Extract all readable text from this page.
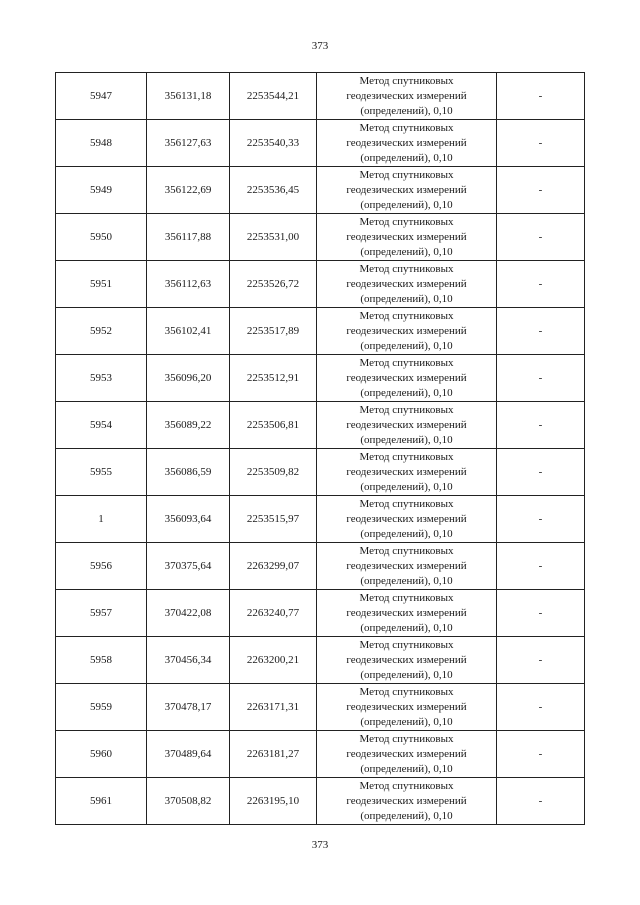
373
5947	356131,18	2253544,21	Метод спутниковых
геодезических измерений
(определений), 0,10	-
5948	356127,63	2253540,33	Метод спутниковых
геодезических измерений
(определений), 0,10	-
5949	356122,69	2253536,45	Метод спутниковых
геодезических измерений
(определений), 0,10	-
5950	356117,88	2253531,00	Метод спутниковых
геодезических измерений
(определений), 0,10	-
5951	356112,63	2253526,72	Метод спутниковых
геодезических измерений
(определений), 0,10	-
5952	356102,41	2253517,89	Метод спутниковых
геодезических измерений
(определений), 0,10	-
5953	356096,20	2253512,91	Метод спутниковых
геодезических измерений
(определений), 0,10	-
5954	356089,22	2253506,81	Метод спутниковых
геодезических измерений
(определений), 0,10	-
5955	356086,59	2253509,82	Метод спутниковых
геодезических измерений
(определений), 0,10	-
1	356093,64	2253515,97	Метод спутниковых
геодезических измерений
(определений), 0,10	-
5956	370375,64	2263299,07	Метод спутниковых
геодезических измерений
(определений), 0,10	-
5957	370422,08	2263240,77	Метод спутниковых
геодезических измерений
(определений), 0,10	-
5958	370456,34	2263200,21	Метод спутниковых
геодезических измерений
(определений), 0,10	-
5959	370478,17	2263171,31	Метод спутниковых
геодезических измерений
(определений), 0,10	-
5960	370489,64	2263181,27	Метод спутниковых
геодезических измерений
(определений), 0,10	-
5961	370508,82	2263195,10	Метод спутниковых
геодезических измерений
(определений), 0,10	-
373
